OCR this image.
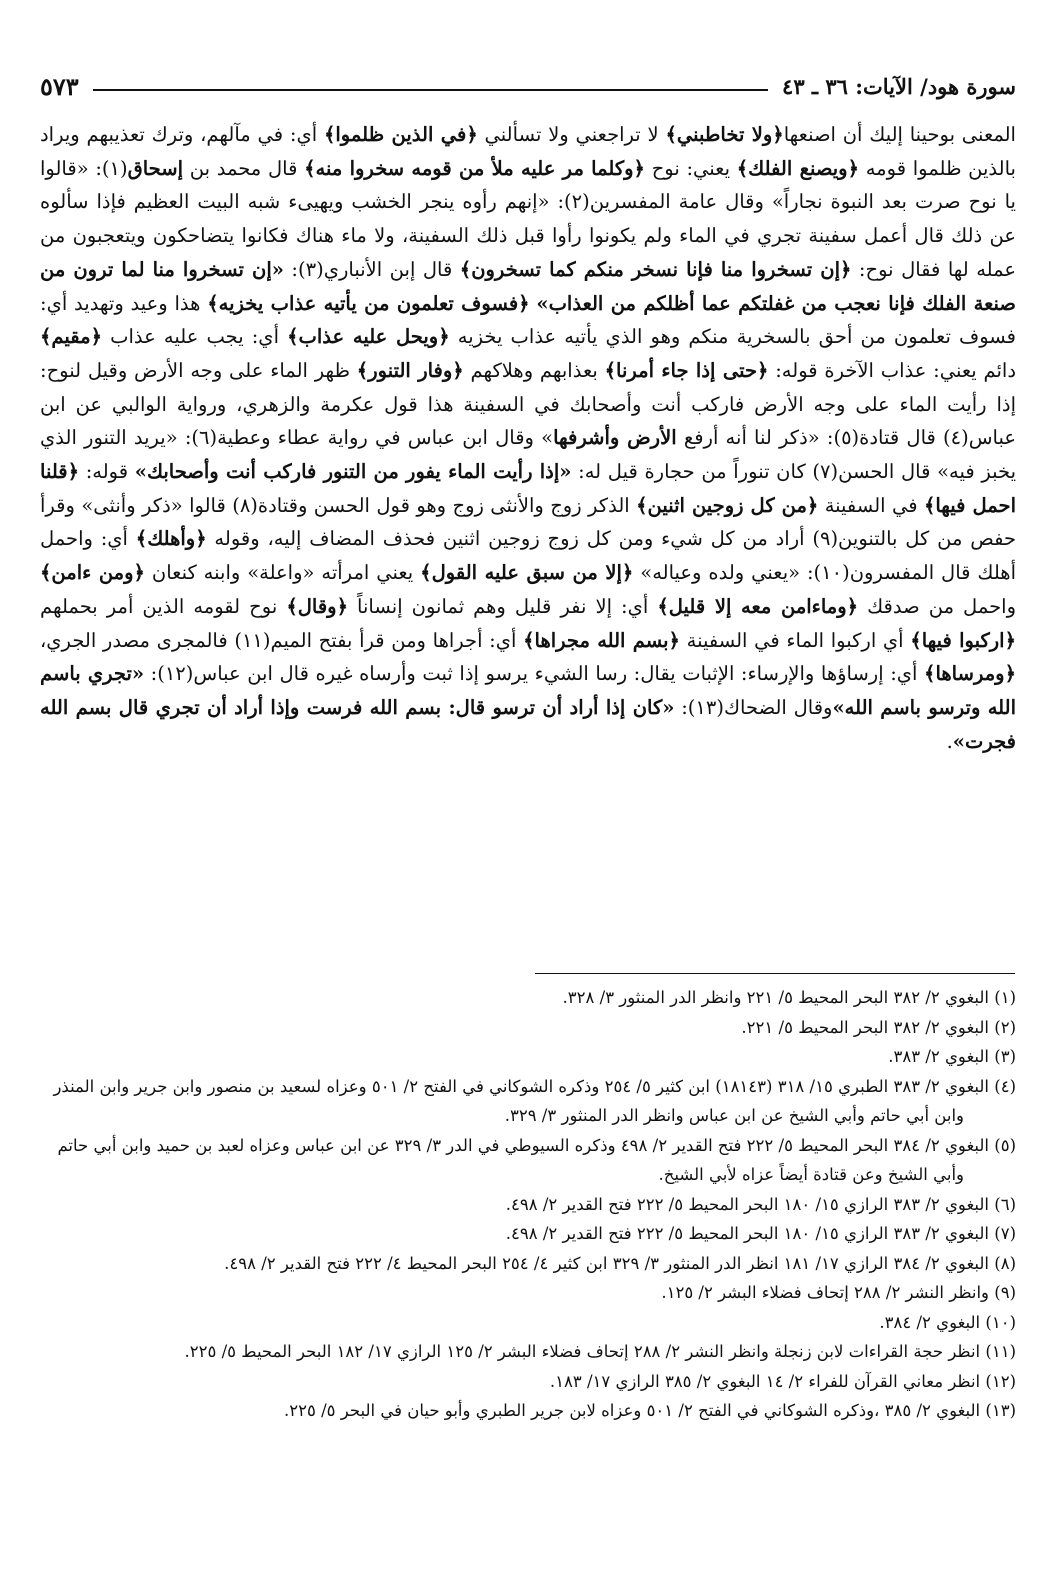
سورة هود/ الآيات: ٣٦ ـ ٤٣
٥٧٣
المعنى بوحينا إليك أن اصنعها﴿ولا تخاطبني﴾ لا تراجعني ولا تسألني ﴿في الذين ظلموا﴾ أي: في مآلهم، وترك تعذيبهم ويراد بالذين ظلموا قومه ﴿ويصنع الفلك﴾ يعني: نوح ﴿وكلما مر عليه ملأ من قومه سخروا منه﴾ قال محمد بن إسحاق(١): «قالوا يا نوح صرت بعد النبوة نجاراً» وقال عامة المفسرين(٢): «إنهم رأوه ينجر الخشب ويهيىء شبه البيت العظيم فإذا سألوه عن ذلك قال أعمل سفينة تجري في الماء ولم يكونوا رأوا قبل ذلك السفينة، ولا ماء هناك فكانوا يتضاحكون ويتعجبون من عمله لها فقال نوح: ﴿إن تسخروا منا فإنا نسخر منكم كما تسخرون﴾ قال إبن الأنباري(٣): «إن تسخروا منا لما ترون من صنعة الفلك فإنا نعجب من غفلتكم عما أظلكم من العذاب» ﴿فسوف تعلمون من يأتيه عذاب يخزيه﴾ هذا وعيد وتهديد أي: فسوف تعلمون من أحق بالسخرية منكم وهو الذي يأتيه عذاب يخزيه ﴿ويحل عليه عذاب﴾ أي: يجب عليه عذاب ﴿مقيم﴾ دائم يعني: عذاب الآخرة قوله: ﴿حتى إذا جاء أمرنا﴾ بعذابهم وهلاكهم ﴿وفار التنور﴾ ظهر الماء على وجه الأرض وقيل لنوح: إذا رأيت الماء على وجه الأرض فاركب أنت وأصحابك في السفينة هذا قول عكرمة والزهري، ورواية الوالبي عن ابن عباس(٤) قال قتادة(٥): «ذكر لنا أنه أرفع الأرض وأشرفها» وقال ابن عباس في رواية عطاء وعطية(٦): «يريد التنور الذي يخبز فيه» قال الحسن(٧) كان تنوراً من حجارة قيل له: «إذا رأيت الماء يفور من التنور فاركب أنت وأصحابك» قوله: ﴿قلنا احمل فيها﴾ في السفينة ﴿من كل زوجين اثنين﴾ الذكر زوج والأنثى زوج وهو قول الحسن وقتادة(٨) قالوا «ذكر وأنثى» وقرأ حفص من كل بالتنوين(٩) أراد من كل شيء ومن كل زوج زوجين اثنين فحذف المضاف إليه، وقوله ﴿وأهلك﴾ أي: واحمل أهلك قال المفسرون(١٠): «يعني ولده وعياله» ﴿إلا من سبق عليه القول﴾ يعني امرأته «واعلة» وابنه كنعان ﴿ومن ءامن﴾ واحمل من صدقك ﴿وماءامن معه إلا قليل﴾ أي: إلا نفر قليل وهم ثمانون إنساناً ﴿وقال﴾ نوح لقومه الذين أمر بحملهم ﴿اركبوا فيها﴾ أي اركبوا الماء في السفينة ﴿بسم الله مجراها﴾ أي: أجراها ومن قرأ بفتح الميم(١١) فالمجرى مصدر الجري، ﴿ومرساها﴾ أي: إرساؤها والإرساء: الإثبات يقال: رسا الشيء يرسو إذا ثبت وأرساه غيره قال ابن عباس(١٢): «تجري باسم الله وترسو باسم الله»وقال الضحاك(١٣): «كان إذا أراد أن ترسو قال: بسم الله فرست وإذا أراد أن تجري قال بسم الله فجرت».
(١) البغوي ٢/ ٣٨٢ البحر المحيط ٥/ ٢٢١ وانظر الدر المنثور ٣/ ٣٢٨.
(٢) البغوي ٢/ ٣٨٢ البحر المحيط ٥/ ٢٢١.
(٣) البغوي ٢/ ٣٨٣.
(٤) البغوي ٢/ ٣٨٣ الطبري ١٥/ ٣١٨ (١٨١٤٣) ابن كثير ٥/ ٢٥٤ وذكره الشوكاني في الفتح ٢/ ٥٠١ وعزاه لسعيد بن منصور وابن جرير وابن المنذر وابن أبي حاتم وأبي الشيخ عن ابن عباس وانظر الدر المنثور ٣/ ٣٢٩.
(٥) البغوي ٢/ ٣٨٤ البحر المحيط ٥/ ٢٢٢ فتح القدير ٢/ ٤٩٨ وذكره السيوطي في الدر ٣/ ٣٢٩ عن ابن عباس وعزاه لعبد بن حميد وابن أبي حاتم وأبي الشيخ وعن قتادة أيضاً عزاه لأبي الشيخ.
(٦) البغوي ٢/ ٣٨٣ الرازي ١٥/ ١٨٠ البحر المحيط ٥/ ٢٢٢ فتح القدير ٢/ ٤٩٨.
(٧) البغوي ٢/ ٣٨٣ الرازي ١٥/ ١٨٠ البحر المحيط ٥/ ٢٢٢ فتح القدير ٢/ ٤٩٨.
(٨) البغوي ٢/ ٣٨٤ الرازي ١٧/ ١٨١ انظر الدر المنثور ٣/ ٣٢٩ ابن كثير ٤/ ٢٥٤ البحر المحيط ٤/ ٢٢٢ فتح القدير ٢/ ٤٩٨.
(٩) وانظر النشر ٢/ ٢٨٨ إتحاف فضلاء البشر ٢/ ١٢٥.
(١٠) البغوي ٢/ ٣٨٤.
(١١) انظر حجة القراءات لابن زنجلة وانظر النشر ٢/ ٢٨٨ إتحاف فضلاء البشر ٢/ ١٢٥ الرازي ١٧/ ١٨٢ البحر المحيط ٥/ ٢٢٥.
(١٢) انظر معاني القرآن للفراء ٢/ ١٤ البغوي ٢/ ٣٨٥ الرازي ١٧/ ١٨٣.
(١٣) البغوي ٢/ ٣٨٥ ،وذكره الشوكاني في الفتح ٢/ ٥٠١ وعزاه لابن جرير الطبري وأبو حيان في البحر ٥/ ٢٢٥.
